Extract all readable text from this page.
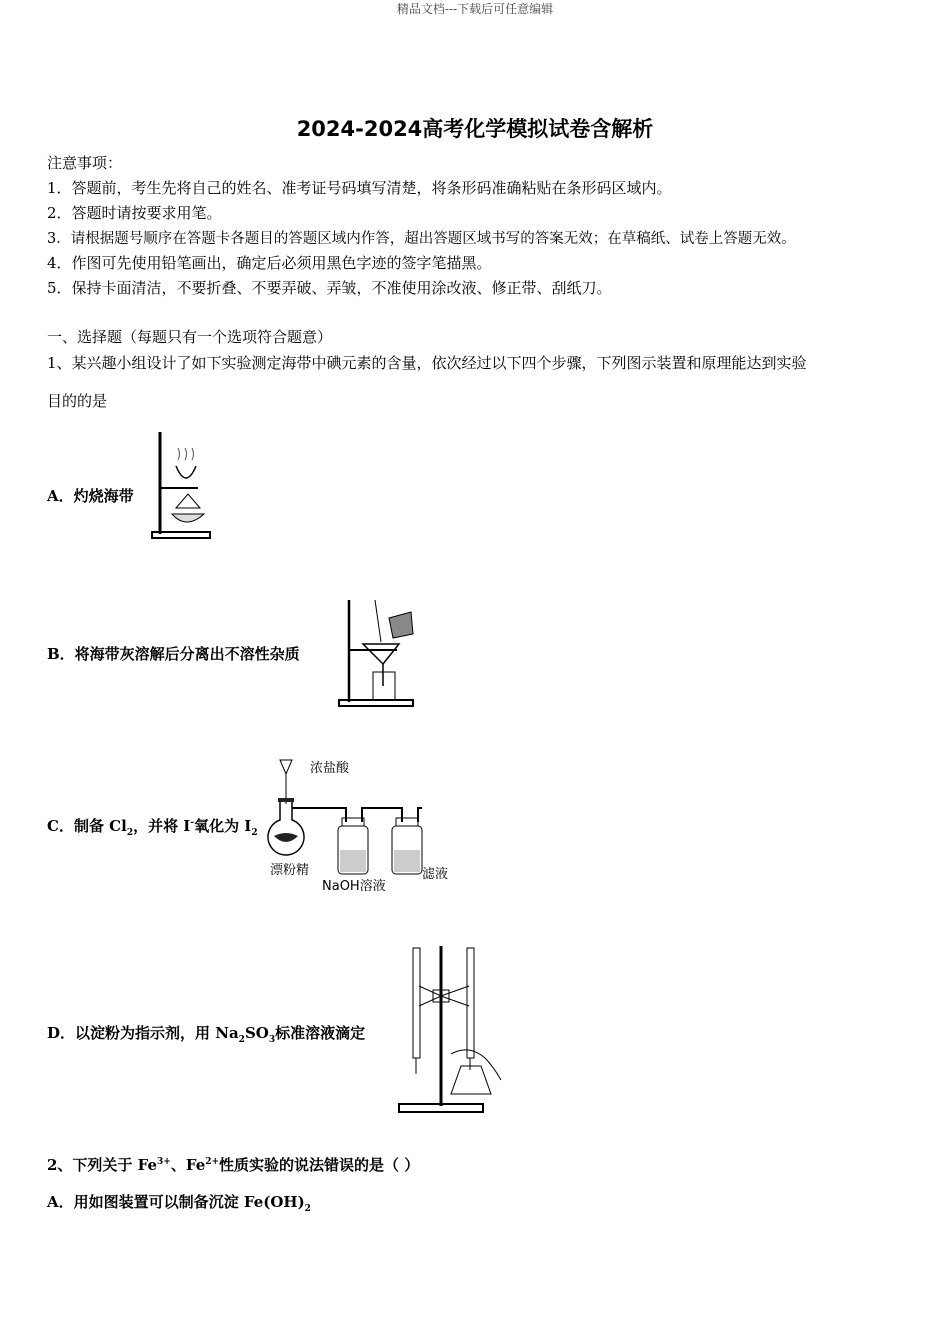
精品文档---下载后可任意编辑
2024-2024高考化学模拟试卷含解析
注意事项：
1．答题前，考生先将自己的姓名、准考证号码填写清楚，将条形码准确粘贴在条形码区域内。
2．答题时请按要求用笔。
3．请根据题号顺序在答题卡各题目的答题区域内作答，超出答题区域书写的答案无效；在草稿纸、试卷上答题无效。
4．作图可先使用铅笔画出，确定后必须用黑色字迹的签字笔描黑。
5．保持卡面清洁，不要折叠、不要弄破、弄皱，不准使用涂改液、修正带、刮纸刀。
一、选择题（每题只有一个选项符合题意）
1、某兴趣小组设计了如下实验测定海带中碘元素的含量，依次经过以下四个步骤，下列图示装置和原理能达到实验
目的的是
A．灼烧海带
B．将海带灰溶解后分离出不溶性杂质
C．制备 $Cl_2$，并将 I-氧化为 $I_2$
浓盐酸
漂粉精
NaOH溶液
滤液
D．以淀粉为指示剂，用 $Na_2SO_3$标准溶液滴定
2、下列关于 $Fe^{3+}$、$Fe^{2+}$性质实验的说法错误的是（ ）
A．用如图装置可以制备沉淀 $Fe(OH)_2$
